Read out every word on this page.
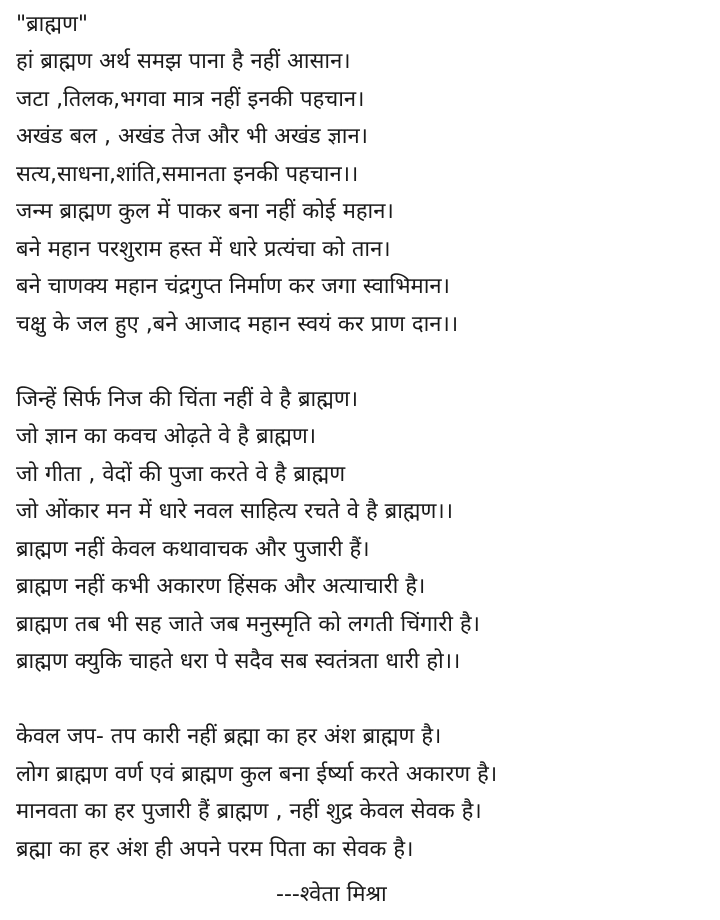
"ब्राह्मण"
हां ब्राह्मण अर्थ समझ पाना है नहीं आसान।
जटा ,तिलक,भगवा मात्र नहीं इनकी पहचान।
अखंड बल , अखंड तेज और भी अखंड ज्ञान।
सत्य,साधना,शांति,समानता इनकी पहचान।।
जन्म ब्राह्मण कुल में पाकर बना नहीं कोई महान।
बने महान परशुराम हस्त में धारे प्रत्यंचा को तान।
बने चाणक्य महान चंद्रगुप्त निर्माण कर जगा स्वाभिमान।
चक्षु के जल हुए ,बने आजाद महान स्वयं कर प्राण दान।।
जिन्हें सिर्फ निज की चिंता नहीं वे है ब्राह्मण।
जो ज्ञान का कवच ओढ़ते वे है ब्राह्मण।
जो गीता , वेदों की पुजा करते वे है ब्राह्मण
जो ओंकार मन में धारे नवल साहित्य रचते वे है ब्राह्मण।।
ब्राह्मण नहीं केवल कथावाचक और पुजारी हैं।
ब्राह्मण नहीं कभी अकारण हिंसक और अत्याचारी है।
ब्राह्मण तब भी सह जाते जब मनुस्मृति को लगती चिंगारी है।
ब्राह्मण क्युकि चाहते धरा पे सदैव सब स्वतंत्रता धारी हो।।
केवल जप- तप कारी नहीं ब्रह्मा का हर अंश ब्राह्मण है।
लोग ब्राह्मण वर्ण एवं ब्राह्मण कुल बना ईर्ष्या करते अकारण है।
मानवता का हर पुजारी हैं ब्राह्मण , नहीं शुद्र केवल सेवक है।
ब्रह्मा का हर अंश ही अपने परम पिता का सेवक है।
---श्वेता मिश्रा
